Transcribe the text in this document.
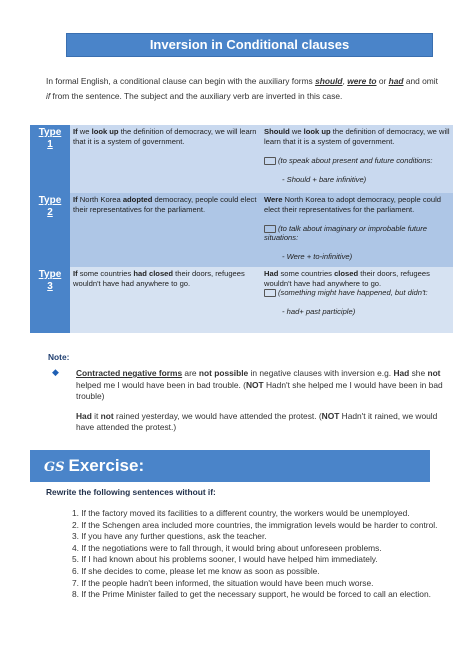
Inversion in Conditional clauses
In formal English, a conditional clause can begin with the auxiliary forms should, were to or had and omit if from the sentence. The subject and the auxiliary verb are inverted in this case.
Type
1	If we look up the definition of democracy, we will learn that it is a system of government.	Should we look up the definition of democracy, we will learn that it is a system of government.

(to speak about present and future conditions:

- Should + bare infinitive)

Type
2	If North Korea adopted democracy, people could elect their representatives for the parliament.	Were North Korea to adopt democracy, people could elect their representatives for the parliament.

(to talk about imaginary or improbable future situations:

- Were + to-infinitive)

Type
3	If some countries had closed their doors, refugees wouldn't have had anywhere to go.	Had some countries closed their doors, refugees wouldn't have had anywhere to go.
(something might have happened, but didn't:

- had+ past participle)
Note:
◆ Contracted negative forms are not possible in negative clauses with inversion e.g. Had she not helped me I would have been in bad trouble. (NOT Hadn't she helped me I would have been in bad trouble)

Had it not rained yesterday, we would have attended the protest. (NOT Hadn't it rained, we would have attended the protest.)

GS Exercise:
Rewrite the following sentences without if:
1. If the factory moved its facilities to a different country, the workers would be unemployed.
2. If the Schengen area included more countries, the immigration levels would be harder to control.
3. If you have any further questions, ask the teacher.
4. If the negotiations were to fall through, it would bring about unforeseen problems.
5. If I had known about his problems sooner, I would have helped him immediately.
6. If she decides to come, please let me know as soon as possible.
7. If the people hadn't been informed, the situation would have been much worse.
8. If the Prime Minister failed to get the necessary support, he would be forced to call an election.
